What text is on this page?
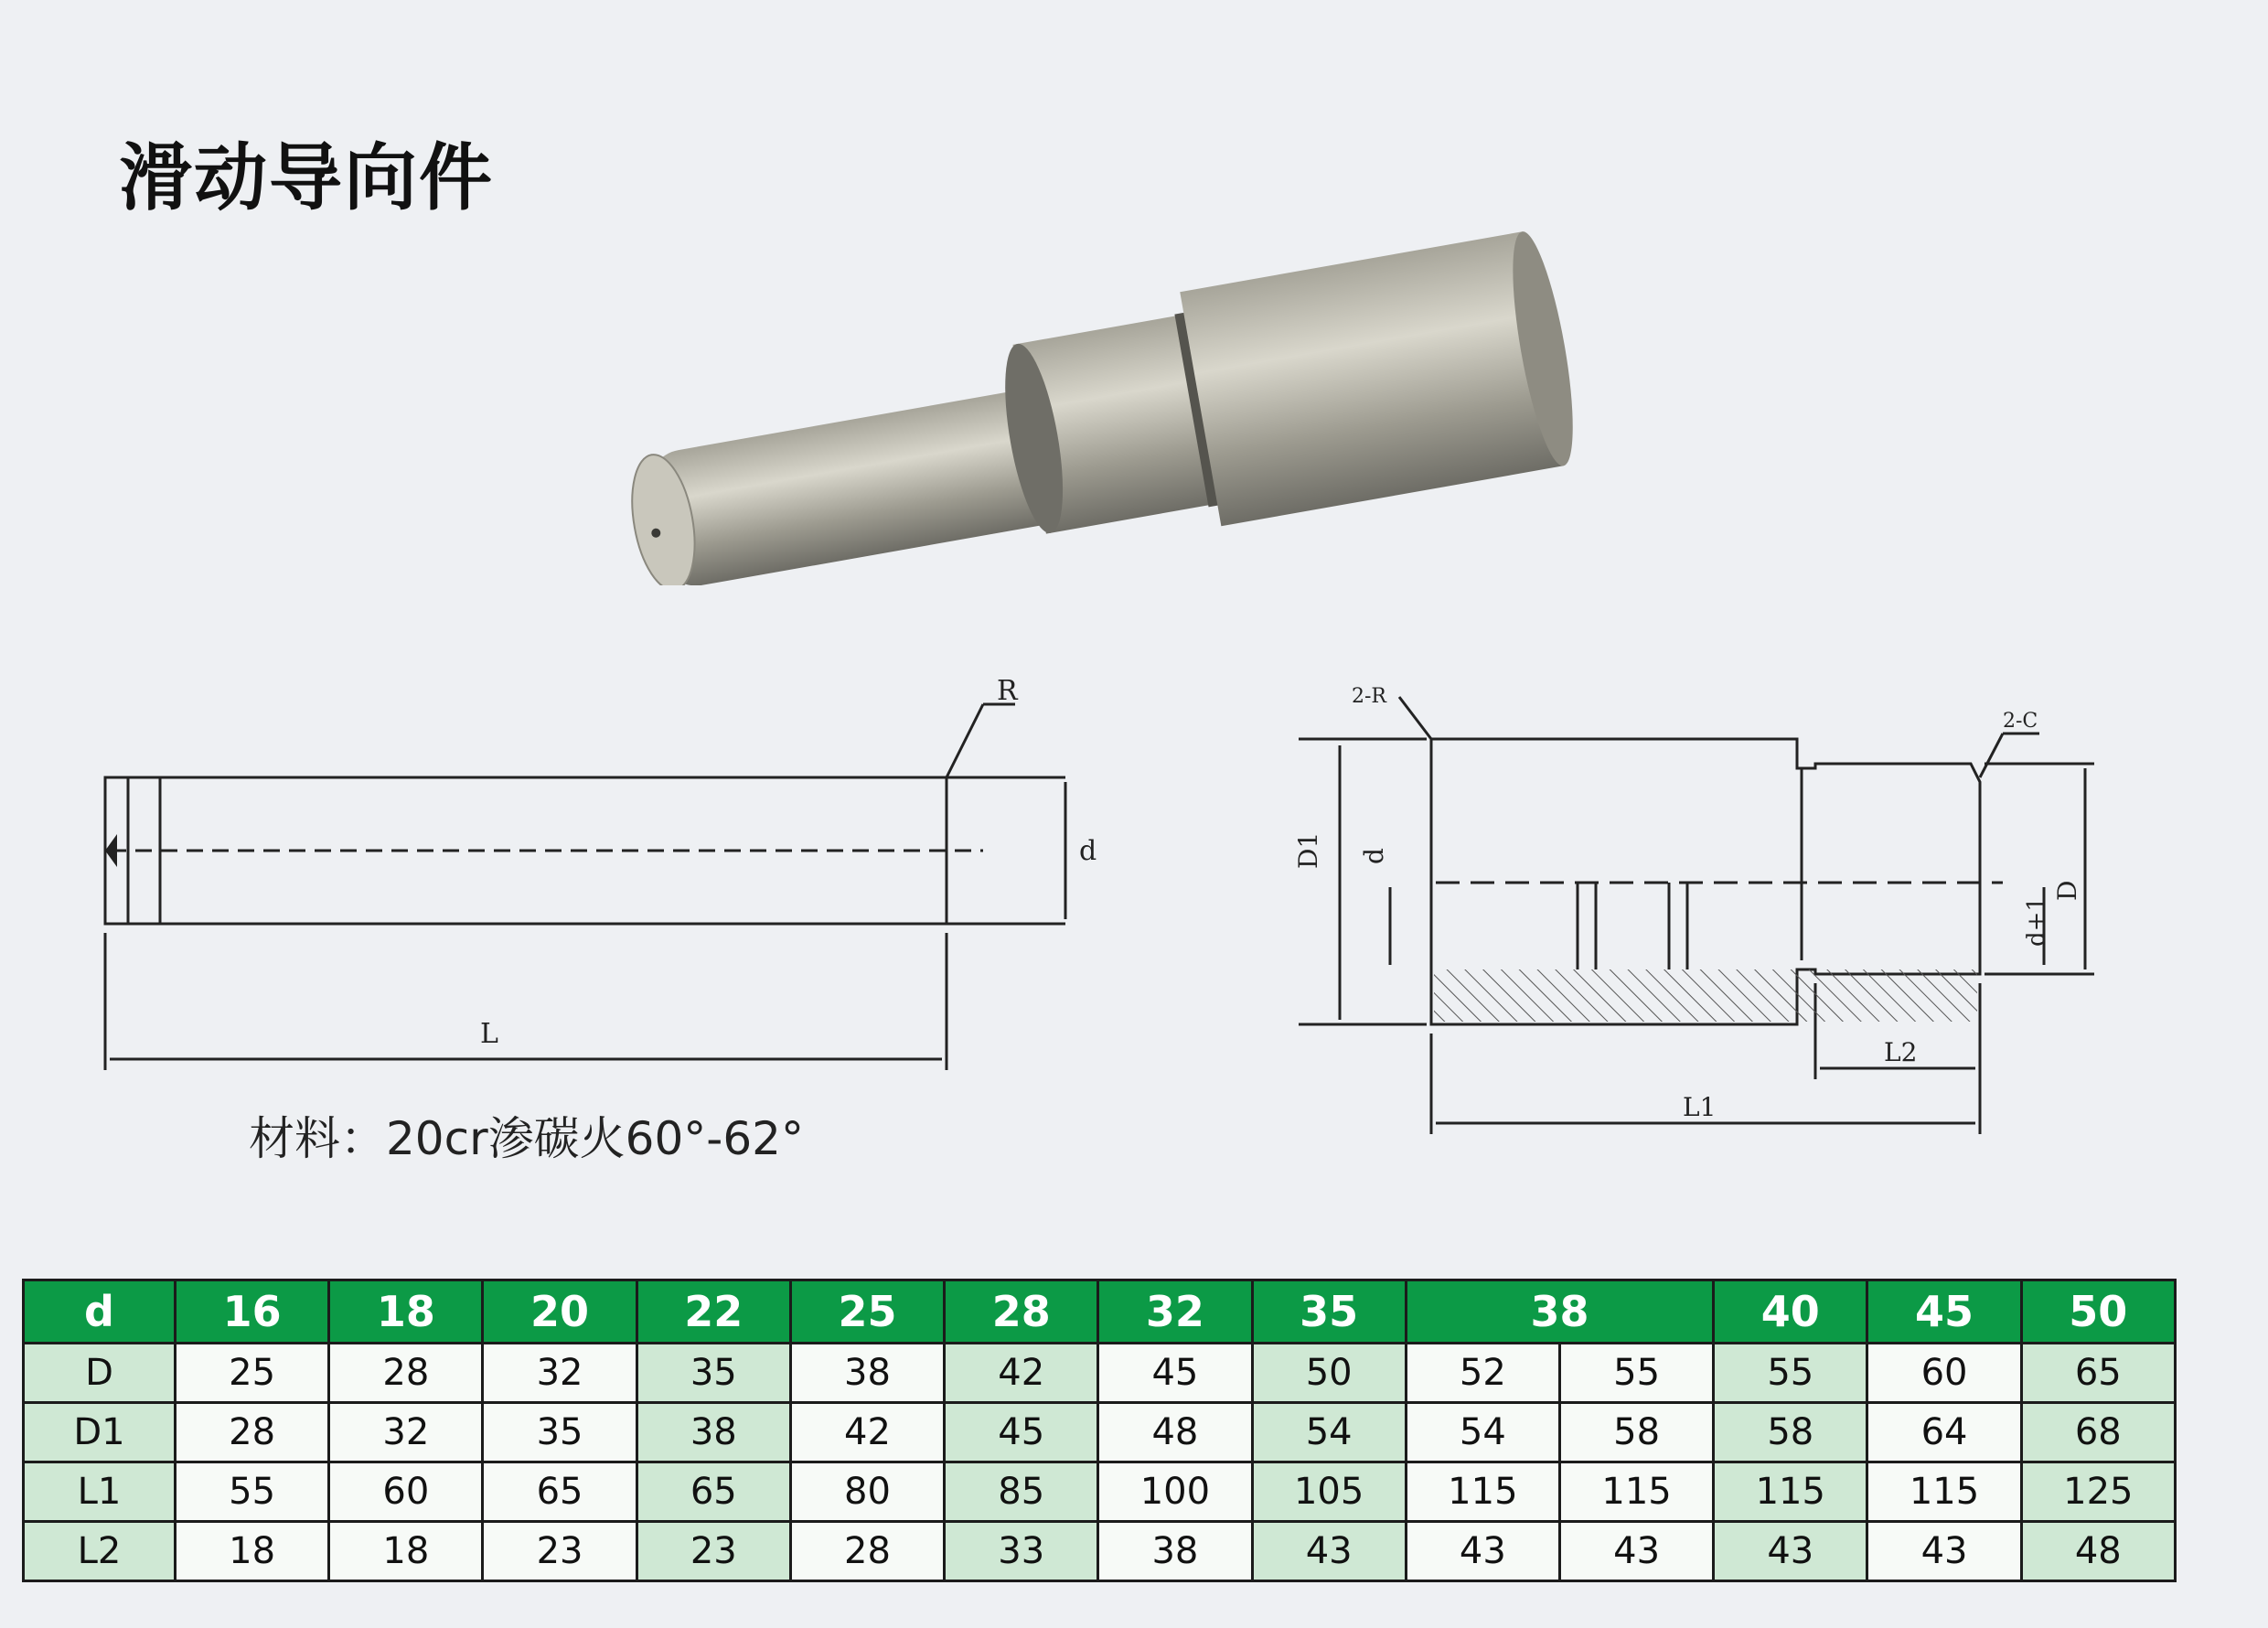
滑动导向件
R
d
L
材料：20cr渗碳火60°-62°
2-R
2-C
D1 d
d+1
D
L1
L2
d	16	18	20	22	25	28	32	35	38		40	45	50
D	25	28	32	35	38	42	45	50	52	55	55	60	65
D1	28	32	35	38	42	45	48	54	54	58	58	64	68
L1	55	60	65	65	80	85	100	105	115	115	115	115	125
L2	18	18	23	23	28	33	38	43	43	43	43	43	48
